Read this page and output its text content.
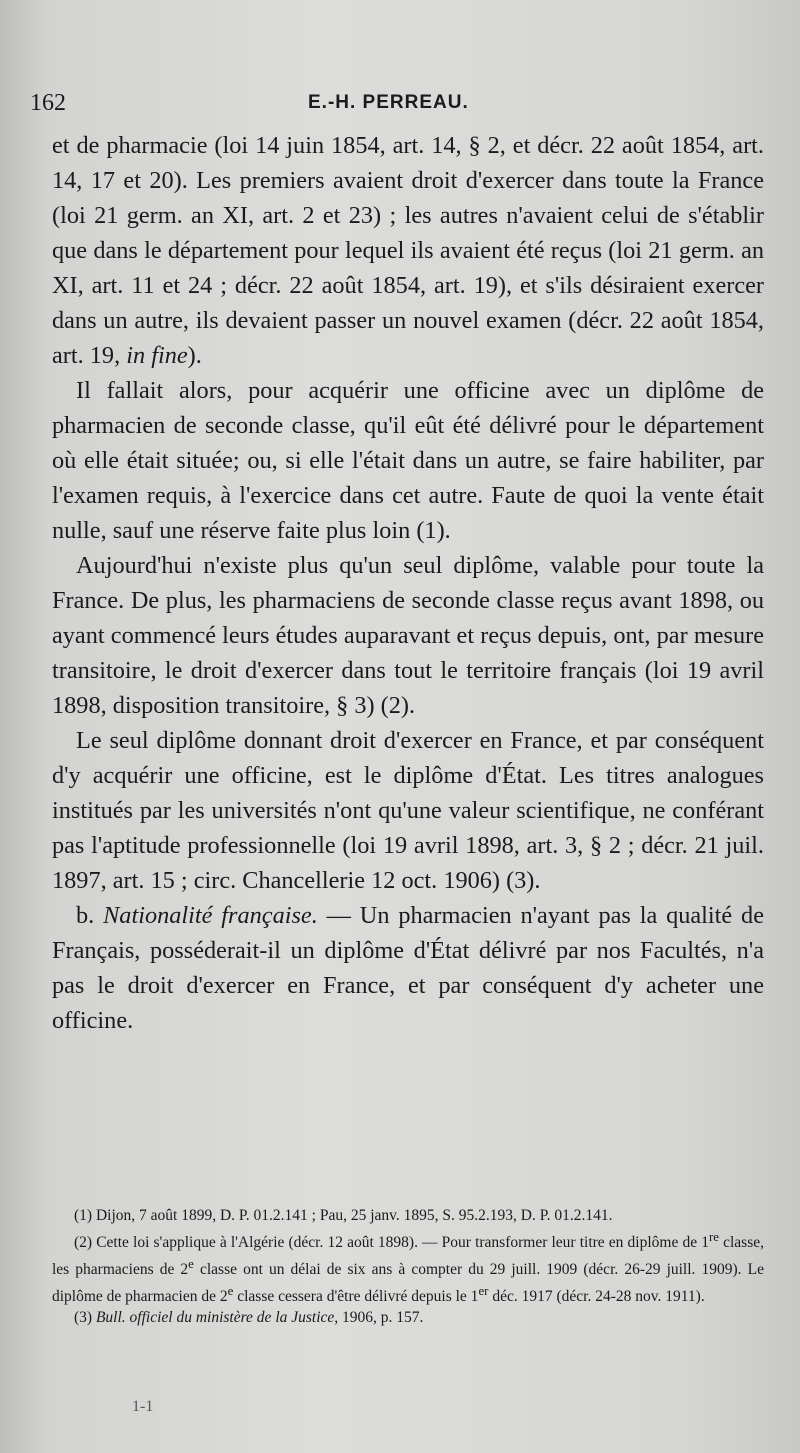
162	E.-H. PERREAU.

et de pharmacie (loi 14 juin 1854, art. 14, § 2, et décr. 22 août 1854, art. 14, 17 et 20). Les premiers avaient droit d'exercer dans toute la France (loi 21 germ. an XI, art. 2 et 23) ; les autres n'avaient celui de s'établir que dans le département pour lequel ils avaient été reçus (loi 21 germ. an XI, art. 11 et 24 ; décr. 22 août 1854, art. 19), et s'ils désiraient exercer dans un autre, ils devaient passer un nouvel examen (décr. 22 août 1854, art. 19, in fine).

Il fallait alors, pour acquérir une officine avec un diplôme de pharmacien de seconde classe, qu'il eût été délivré pour le département où elle était située; ou, si elle l'était dans un autre, se faire habiliter, par l'examen requis, à l'exercice dans cet autre. Faute de quoi la vente était nulle, sauf une réserve faite plus loin (1).

Aujourd'hui n'existe plus qu'un seul diplôme, valable pour toute la France. De plus, les pharmaciens de seconde classe reçus avant 1898, ou ayant commencé leurs études auparavant et reçus depuis, ont, par mesure transitoire, le droit d'exercer dans tout le territoire français (loi 19 avril 1898, disposition transitoire, § 3) (2).

Le seul diplôme donnant droit d'exercer en France, et par conséquent d'y acquérir une officine, est le diplôme d'État. Les titres analogues institués par les universités n'ont qu'une valeur scientifique, ne conférant pas l'aptitude professionnelle (loi 19 avril 1898, art. 3, § 2 ; décr. 21 juil. 1897, art. 15 ; circ. Chancellerie 12 oct. 1906) (3).

b. Nationalité française. — Un pharmacien n'ayant pas la qualité de Français, posséderait-il un diplôme d'État délivré par nos Facultés, n'a pas le droit d'exercer en France, et par conséquent d'y acheter une officine.

(1) Dijon, 7 août 1899, D. P. 01.2.141 ; Pau, 25 janv. 1895, S. 95.2.193, D. P. 01.2.141.

(2) Cette loi s'applique à l'Algérie (décr. 12 août 1898). — Pour transformer leur titre en diplôme de 1re classe, les pharmaciens de 2e classe ont un délai de six ans à compter du 29 juill. 1909 (décr. 26-29 juill. 1909). Le diplôme de pharmacien de 2e classe cessera d'être délivré depuis le 1er déc. 1917 (décr. 24-28 nov. 1911).

(3) Bull. officiel du ministère de la Justice, 1906, p. 157.

1-1
